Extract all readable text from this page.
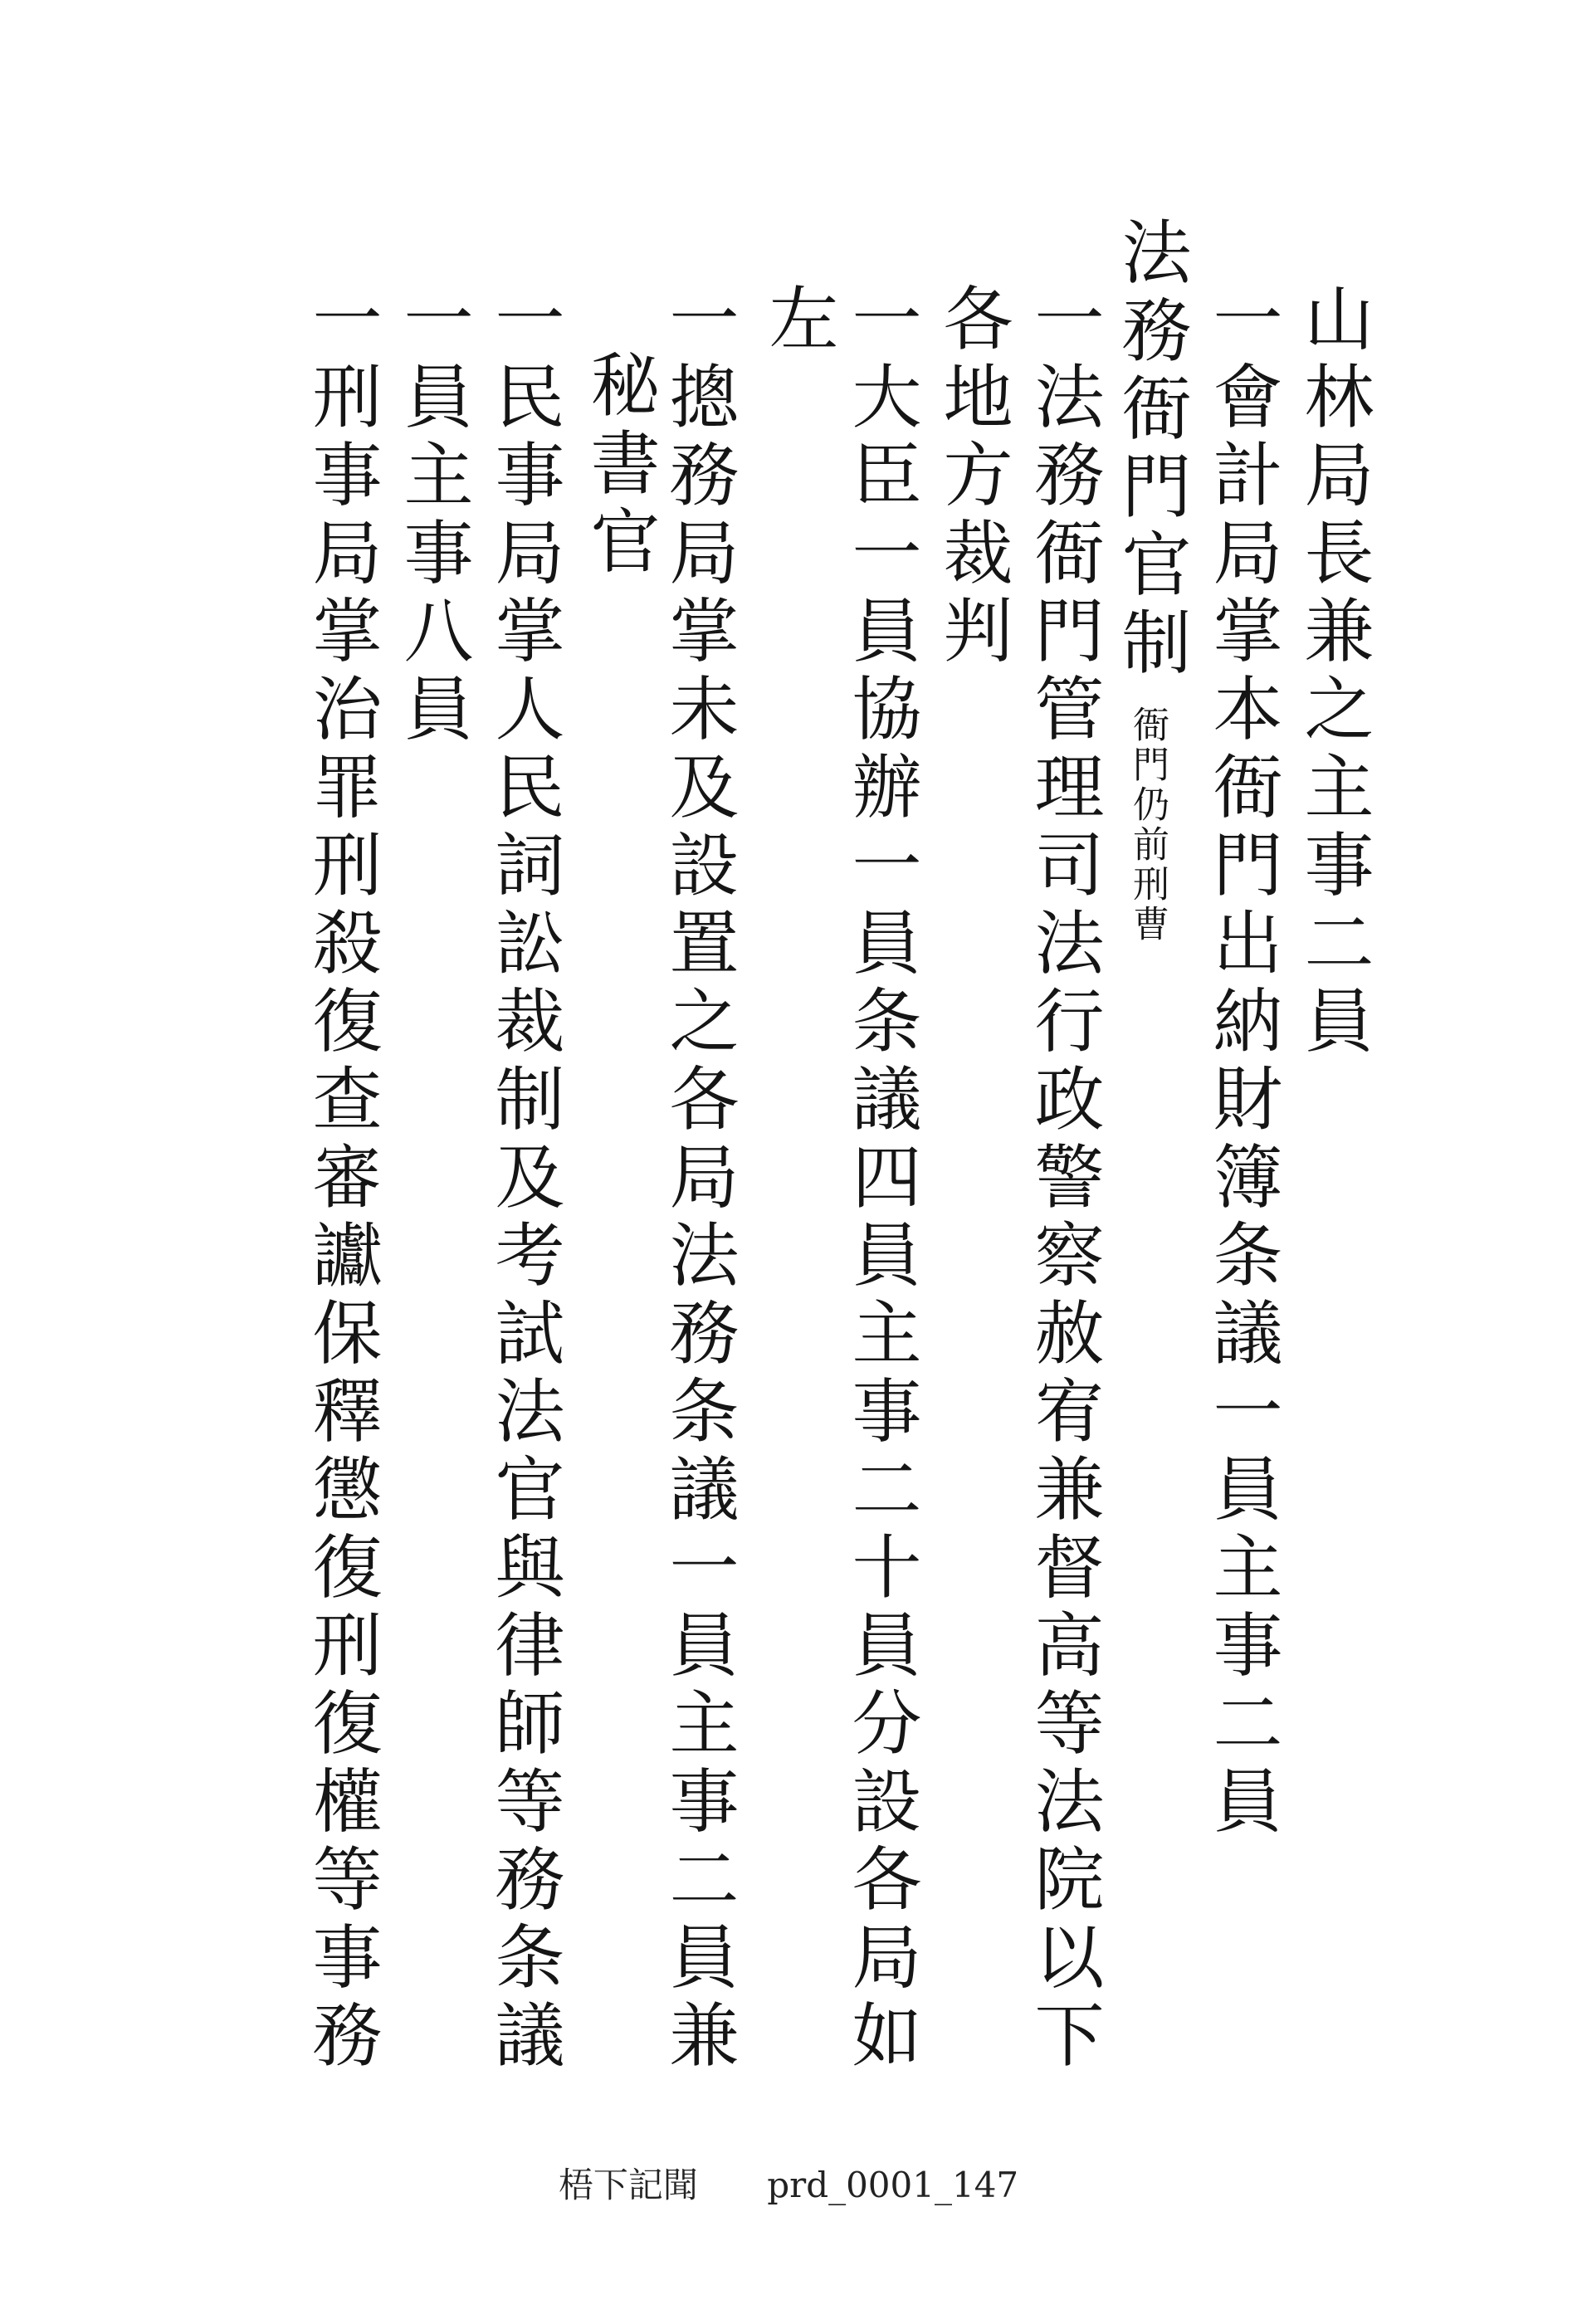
山林局長兼之主事二員
一會計局掌本衙門出納財簿条議一員主事二員
法務衙門官制
衙門仍前刑曹
一法務衙門管理司法行政警察赦宥兼督高等法院以下
各地方裁判
一大臣一員協辦一員条議四員主事二十員分設各局如
左
一摠務局掌未及設置之各局法務条議一員主事二員兼
秘書官
一民事局掌人民詞訟裁制及考試法官與律師等務条議
一員主事八員
一刑事局掌治罪刑殺復查審讞保釋懲復刑復權等事務
梧下記聞 prd_0001_147
